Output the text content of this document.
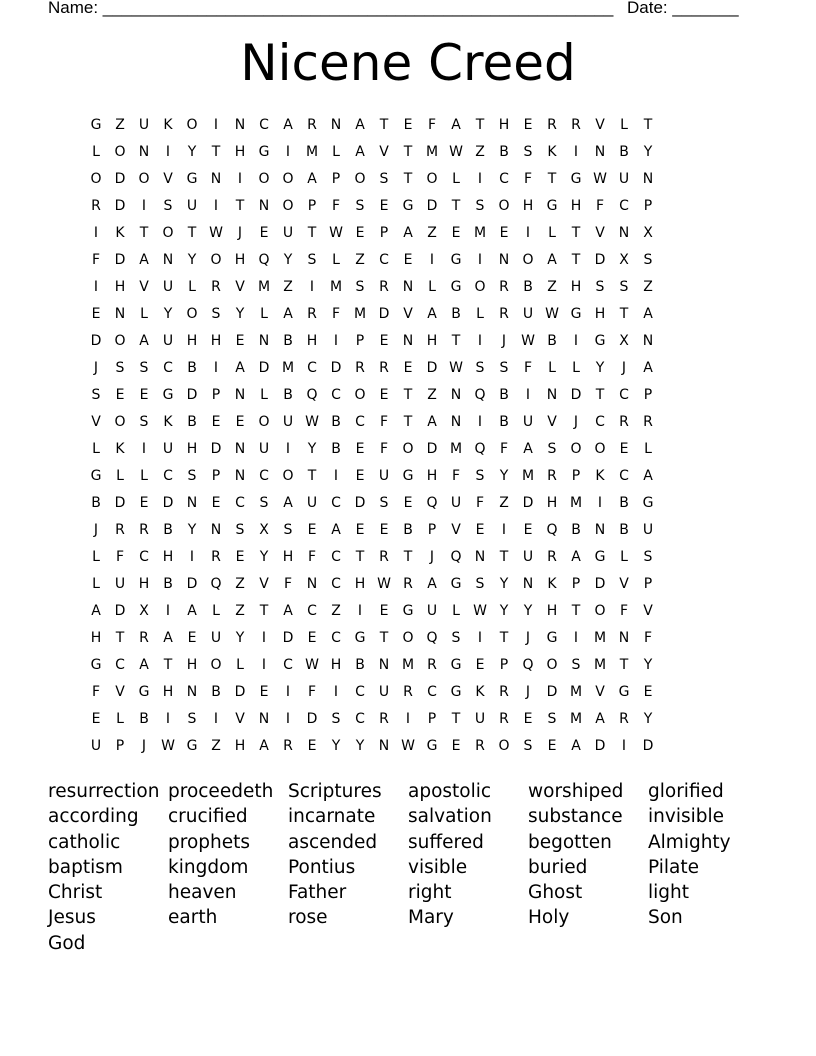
Name: ______________________________________________________ Date: _______
Nicene Creed
G Z	U	K O	I	N C	A	R N A	T	E	F	A	T	H	E	R	R	V	L	T
L	O N	I	Y	T	H G	I	M	L	A	V	T M W Z	B	S	K	I	N B	Y
O D O V G N	I	O O A	P	O	S	T	O	L	I	C	F	T	G W U N
R D	I	S	U	I	T	N O	P	F	S	E	G D	T	S	O H G H	F	C	P
I	K	T	O	T W	J	E	U	T W E	P	A	Z	E M E	I	L	T	V N X
F	D A N	Y	O H Q	Y	S	L	Z	C	E	I	G	I	N O A	T	D X	S
I	H V	U	L	R	V M Z	I	M S	R N	L	G O R	B	Z H	S	S	Z
E	N	L	Y	O	S	Y	L	A	R	F M D V	A	B	L	R	U W G H	T	A
D O A	U H H	E	N B H	I	P	E	N H	T	I	J	W B	I	G X N
J	S	S	C	B	I	A D M C D R	R	E	D W S	S	F	L	L	Y	J	A
S	E	E	G D	P	N	L	B Q C O	E	T	Z N Q B	I	N D	T	C	P
V O	S	K	B	E	E	O U W B	C	F	T	A N	I	B	U	V	J	C	R	R
L	K	I	U H D N U	I	Y	B	E	F	O D M Q	F	A	S	O O	E	L
G	L	L	C	S	P	N C O	T	I	E	U G H	F	S	Y M R	P	K	C	A
B D	E	D N	E	C	S	A	U C D	S	E	Q U	F	Z D H M	I	B G
J	R	R	B	Y	N	S	X	S	E	A	E	E	B	P	V	E	I	E	Q B N B	U
L	F	C H	I	R	E	Y	H	F	C	T	R	T	J	Q N	T	U	R	A G	L	S
L	U H B D Q Z	V	F	N C H W R	A G	S	Y	N	K	P	D V	P
A D X	I	A	L	Z	T	A	C	Z	I	E	G U	L W Y	Y	H	T	O	F	V
H	T	R	A	E	U	Y	I	D	E	C G	T	O Q	S	I	T	J	G	I	M N	F
G C	A	T	H O	L	I	C W H B N M R G	E	P	Q O	S M T	Y
F	V G H N B D	E	I	F	I	C U	R	C G K	R	J	D M V G	E
E	L	B	I	S	I	V N	I	D	S	C	R	I	P	T	U	R	E	S M A	R	Y
U	P	J	W G Z H A	R	E	Y	Y	N W G	E	R O	S	E	A D	I	D
resurrection proceedeth Scriptures	apostolic	worshiped	glorified
according	crucified	incarnate	salvation	substance	invisible
catholic	prophets	ascended	suffered	begotten	Almighty
baptism	kingdom	Pontius	visible	buried	Pilate
Christ	heaven	Father	right	Ghost	light
Jesus	earth	rose	Mary	Holy	Son
God
